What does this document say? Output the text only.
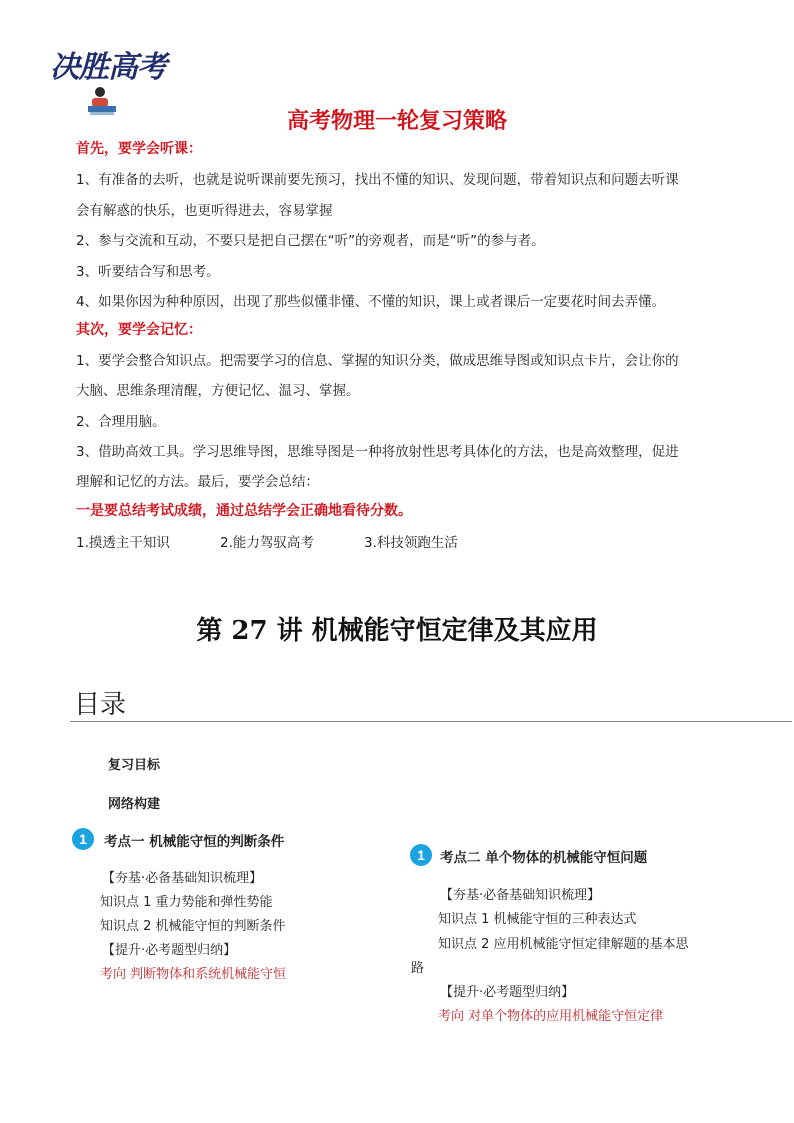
决胜高考
高考物理一轮复习策略
首先，要学会听课：
1、有准备的去听，也就是说听课前要先预习，找出不懂的知识、发现问题，带着知识点和问题去听课
会有解惑的快乐，也更听得进去，容易掌握
2、参与交流和互动，不要只是把自己摆在“听”的旁观者，而是“听”的参与者。
3、听要结合写和思考。
4、如果你因为种种原因，出现了那些似懂非懂、不懂的知识，课上或者课后一定要花时间去弄懂。
其次，要学会记忆：
1、要学会整合知识点。把需要学习的信息、掌握的知识分类，做成思维导图或知识点卡片，会让你的
大脑、思维条理清醒，方便记忆、温习、掌握。
2、合理用脑。
3、借助高效工具。学习思维导图，思维导图是一种将放射性思考具体化的方法，也是高效整理，促进
理解和记忆的方法。最后，要学会总结：
一是要总结考试成绩，通过总结学会正确地看待分数。
1.摸透主干知识	2.能力驾驭高考	3.科技领跑生活
第 27 讲 机械能守恒定律及其应用
目录
复习目标
网络构建
1	考点一 机械能守恒的判断条件
【夯基·必备基础知识梳理】
知识点 1 重力势能和弹性势能
知识点 2 机械能守恒的判断条件
【提升·必考题型归纳】
考向 判断物体和系统机械能守恒
1	考点二 单个物体的机械能守恒问题
【夯基·必备基础知识梳理】
知识点 1 机械能守恒的三种表达式
知识点 2 应用机械能守恒定律解题的基本思
路
【提升·必考题型归纳】
考向 对单个物体的应用机械能守恒定律
